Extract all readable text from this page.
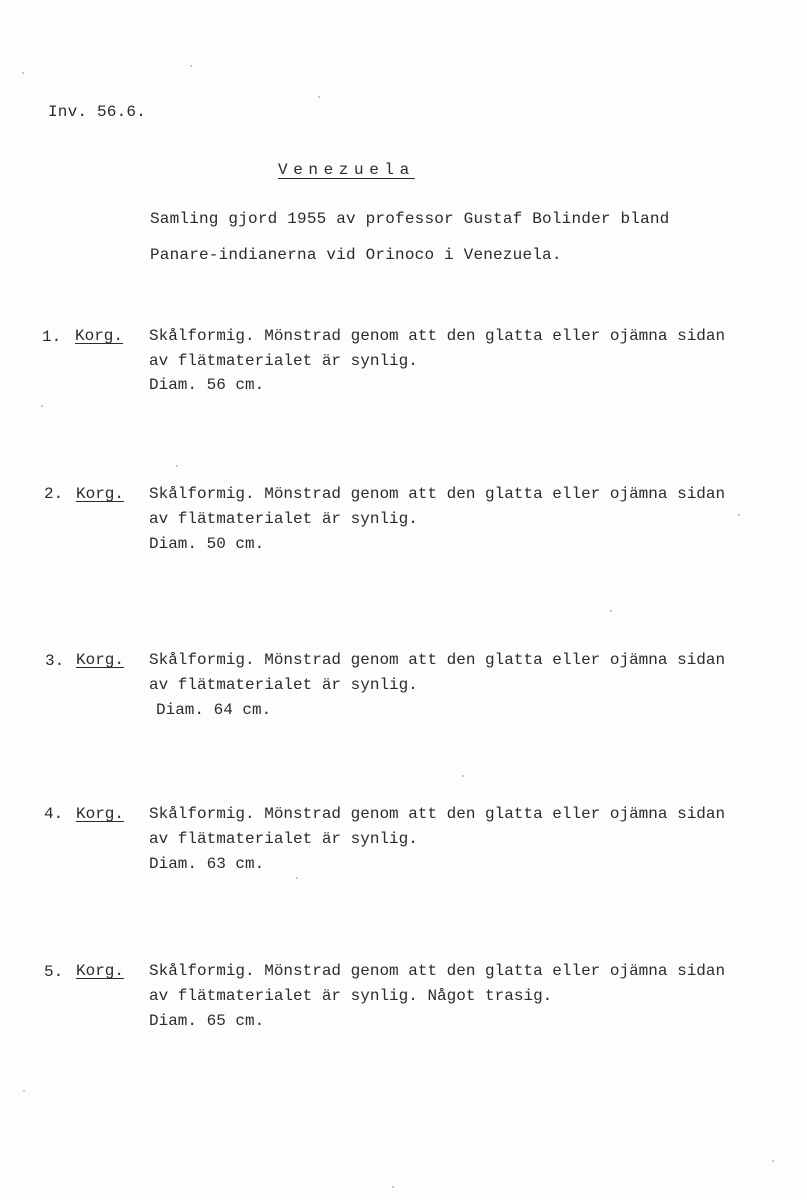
Inv. 56.6.
Venezuela
Samling gjord 1955 av professor Gustaf Bolinder bland
Panare-indianerna vid Orinoco i Venezuela.
1. Korg. Skålformig. Mönstrad genom att den glatta eller ojämna sidan
av flätmaterialet är synlig.
Diam. 56 cm.
2. Korg. Skålformig. Mönstrad genom att den glatta eller ojämna sidan
av flätmaterialet är synlig.
Diam. 50 cm.
3. Korg. Skålformig. Mönstrad genom att den glatta eller ojämna sidan
av flätmaterialet är synlig.
Diam. 64 cm.
4. Korg. Skålformig. Mönstrad genom att den glatta eller ojämna sidan
av flätmaterialet är synlig.
Diam. 63 cm.
5. Korg. Skålformig. Mönstrad genom att den glatta eller ojämna sidan
av flätmaterialet är synlig. Något trasig.
Diam. 65 cm.
